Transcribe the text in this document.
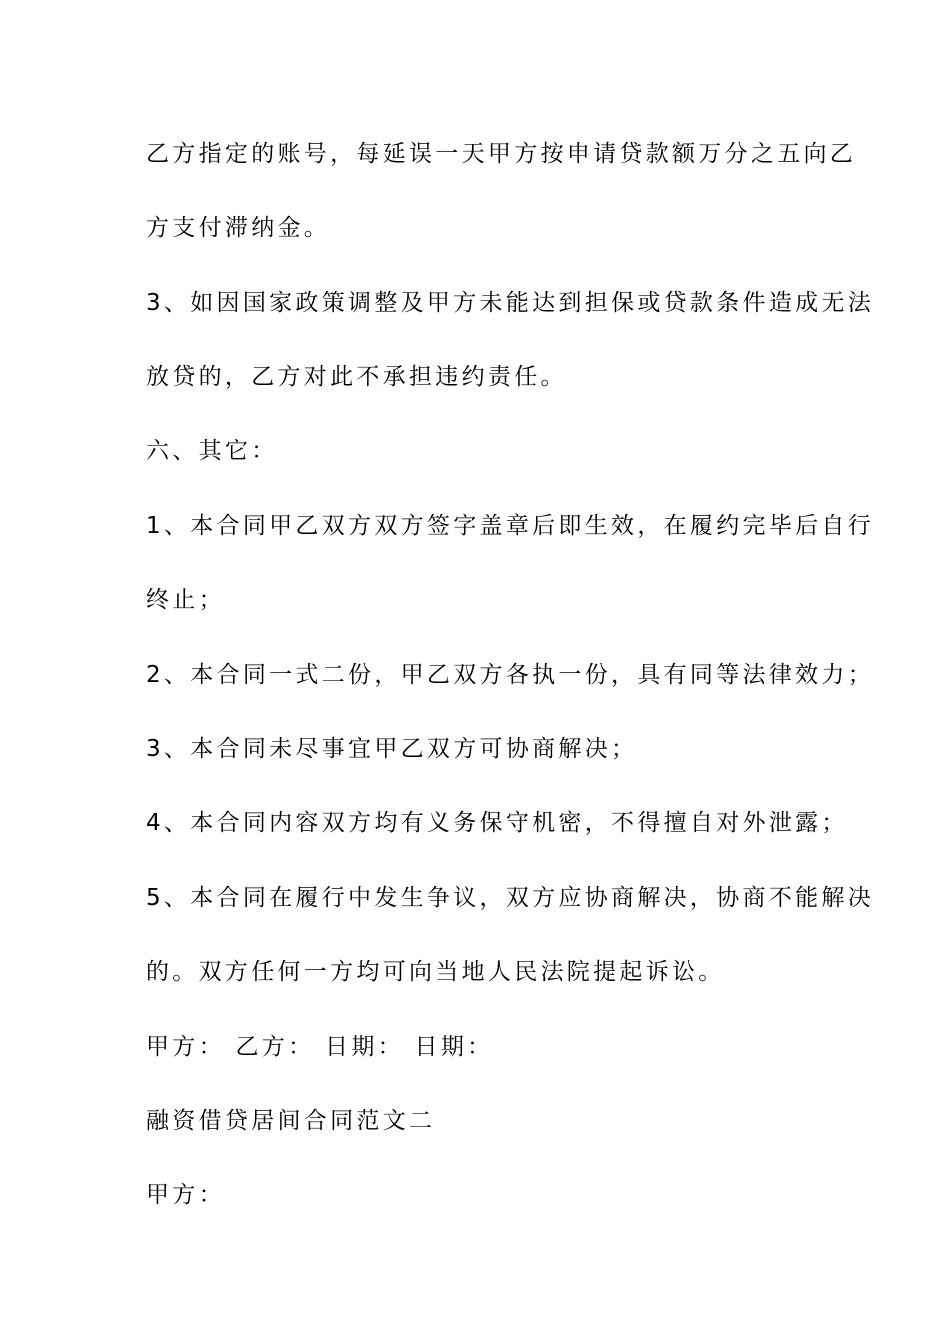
乙方指定的账号，每延误一天甲方按申请贷款额万分之五向乙

方支付滞纳金。

3、如因国家政策调整及甲方未能达到担保或贷款条件造成无法

放贷的，乙方对此不承担违约责任。

六、其它：

1、本合同甲乙双方双方签字盖章后即生效，在履约完毕后自行

终止；

2、本合同一式二份，甲乙双方各执一份，具有同等法律效力；

3、本合同未尽事宜甲乙双方可协商解决；

4、本合同内容双方均有义务保守机密，不得擅自对外泄露；

5、本合同在履行中发生争议，双方应协商解决，协商不能解决

的。双方任何一方均可向当地人民法院提起诉讼。

甲方： 乙方： 日期： 日期：

融资借贷居间合同范文二

甲方：
